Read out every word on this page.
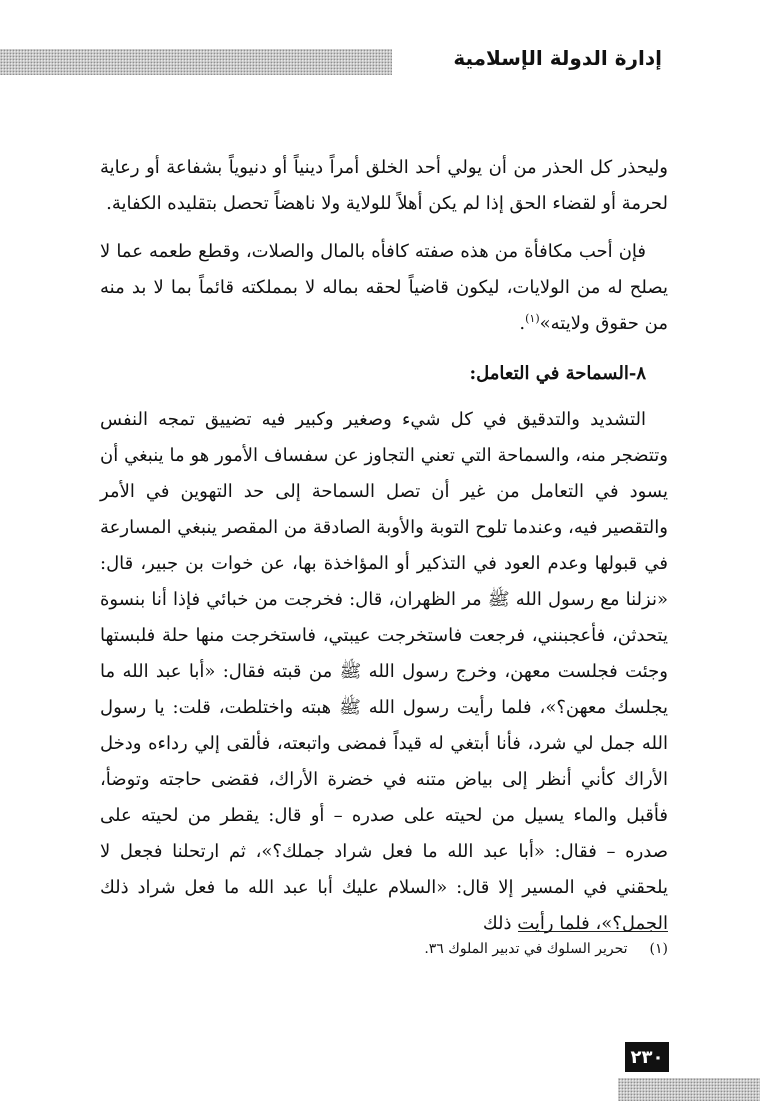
إدارة الدولة الإسلامية

وليحذر كل الحذر من أن يولي أحد الخلق أمراً دينياً أو دنيوياً بشفاعة أو رعاية لحرمة أو لقضاء الحق إذا لم يكن أهلاً للولاية ولا ناهضاً تحصل بتقليده الكفاية.

فإن أحب مكافأة من هذه صفته كافأه بالمال والصلات، وقطع طعمه عما لا يصلح له من الولايات، ليكون قاضياً لحقه بماله لا بمملكته قائماً بما لا بد منه من حقوق ولايته»$^{(١)}$.

٨-السماحة في التعامل:

التشديد والتدقيق في كل شيء وصغير وكبير فيه تضييق تمجه النفس وتتضجر منه، والسماحة التي تعني التجاوز عن سفساف الأمور هو ما ينبغي أن يسود في التعامل من غير أن تصل السماحة إلى حد التهوين في الأمر والتقصير فيه، وعندما تلوح التوبة والأوبة الصادقة من المقصر ينبغي المسارعة في قبولها وعدم العود في التذكير أو المؤاخذة بها، عن خوات بن جبير، قال: «نزلنا مع رسول الله ﷺ مر الظهران، قال: فخرجت من خبائي فإذا أنا بنسوة يتحدثن، فأعجبنني، فرجعت فاستخرجت عيبتي، فاستخرجت منها حلة فلبستها وجئت فجلست معهن، وخرج رسول الله ﷺ من قبته فقال: «أبا عبد الله ما يجلسك معهن؟»، فلما رأيت رسول الله ﷺ هبته واختلطت، قلت: يا رسول الله جمل لي شرد، فأنا أبتغي له قيداً فمضى واتبعته، فألقى إلي رداءه ودخل الأراك كأني أنظر إلى بياض متنه في خضرة الأراك، فقضى حاجته وتوضأ، فأقبل والماء يسيل من لحيته على صدره – أو قال: يقطر من لحيته على صدره – فقال: «أبا عبد الله ما فعل شراد جملك؟»، ثم ارتحلنا فجعل لا يلحقني في المسير إلا قال: «السلام عليك أبا عبد الله ما فعل شراد ذلك الجمل؟»، فلما رأيت ذلك

(١)تحرير السلوك في تدبير الملوك ٣٦.
٢٣٠
